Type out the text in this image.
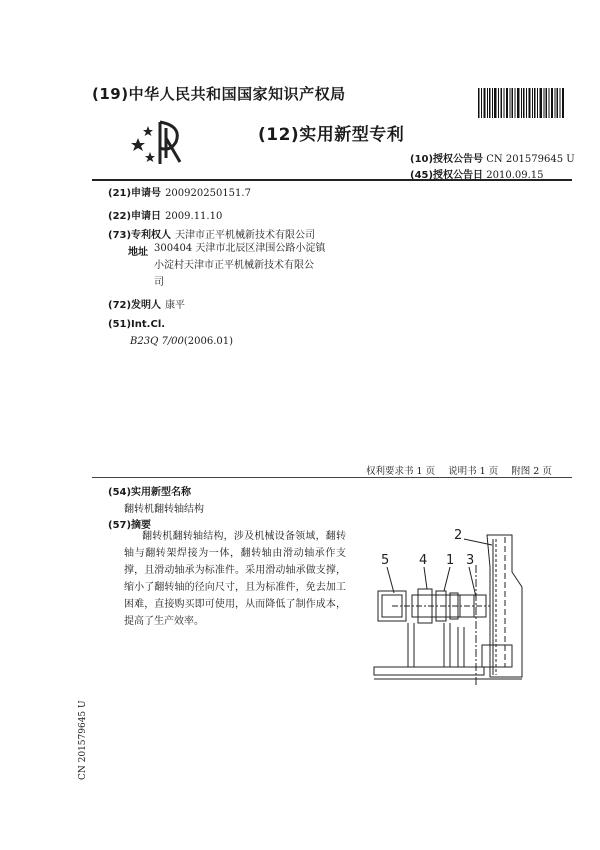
(19)中华人民共和国国家知识产权局
(12)实用新型专利
(10)授权公告号 CN 201579645 U
(45)授权公告日 2010.09.15
(21)申请号 200920250151.7
(22)申请日 2009.11.10
(73)专利权人 天津市正平机械新技术有限公司
地址 300404 天津市北辰区津围公路小淀镇
小淀村天津市正平机械新技术有限公
司
(72)发明人 康平
(51)Int.Cl.
B23Q 7/00(2006.01)
权利要求书 1 页 说明书 1 页 附图 2 页
(54)实用新型名称
翻转机翻转轴结构
(57)摘要
翻转机翻转轴结构，涉及机械设备领域，翻转轴与翻转架焊接为一体，翻转轴由滑动轴承作支撑，且滑动轴承为标准件。采用滑动轴承做支撑，缩小了翻转轴的径向尺寸，且为标准件，免去加工困难，直接购买即可使用，从而降低了制作成本，提高了生产效率。
5 4 1 3
2
CN 201579645 U
